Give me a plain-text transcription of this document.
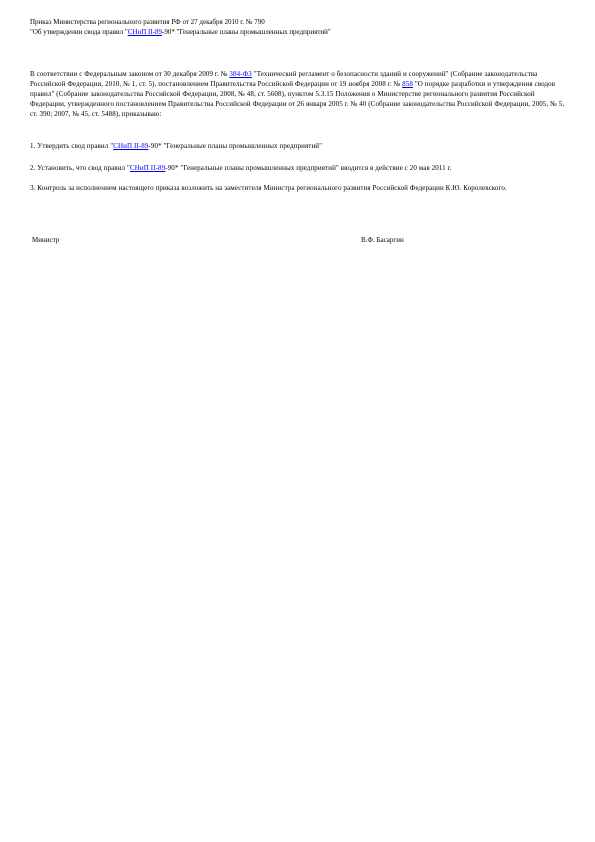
Приказ Министерства регионального развития РФ от 27 декабря 2010 г. № 790
"Об утверждении свода правил "СНиП II-89-90* "Генеральные планы промышленных предприятий"

В соответствии с Федеральным законом от 30 декабря 2009 г. № 384-ФЗ "Технический регламент о безопасности зданий и сооружений" (Собрание законодательства Российской Федерации, 2010, № 1, ст. 5), постановлением Правительства Российской Федерации от 19 ноября 2008 г. № 858 "О порядке разработки и утверждения сводов правил" (Собрание законодательства Российской Федерации, 2008, № 48, ст. 5608), пунктом 5.3.15 Положения о Министерстве регионального развития Российской Федерации, утвержденного постановлением Правительства Российской Федерации от 26 января 2005 г. № 40 (Собрание законодательства Российской Федерации, 2005, № 5, ст. 390; 2007, № 45, ст. 5488), приказываю:

1. Утвердить свод правил "СНиП II-89-90* "Генеральные планы промышленных предприятий"

2. Установить, что свод правил "СНиП II-89-90* "Генеральные планы промышленных предприятий" вводится в действие с 20 мая 2011 г.

3. Контроль за исполнением настоящего приказа возложить на заместителя Министра регионального развития Российской Федерации К.Ю. Королевского.

Министр	В.Ф. Басаргин
